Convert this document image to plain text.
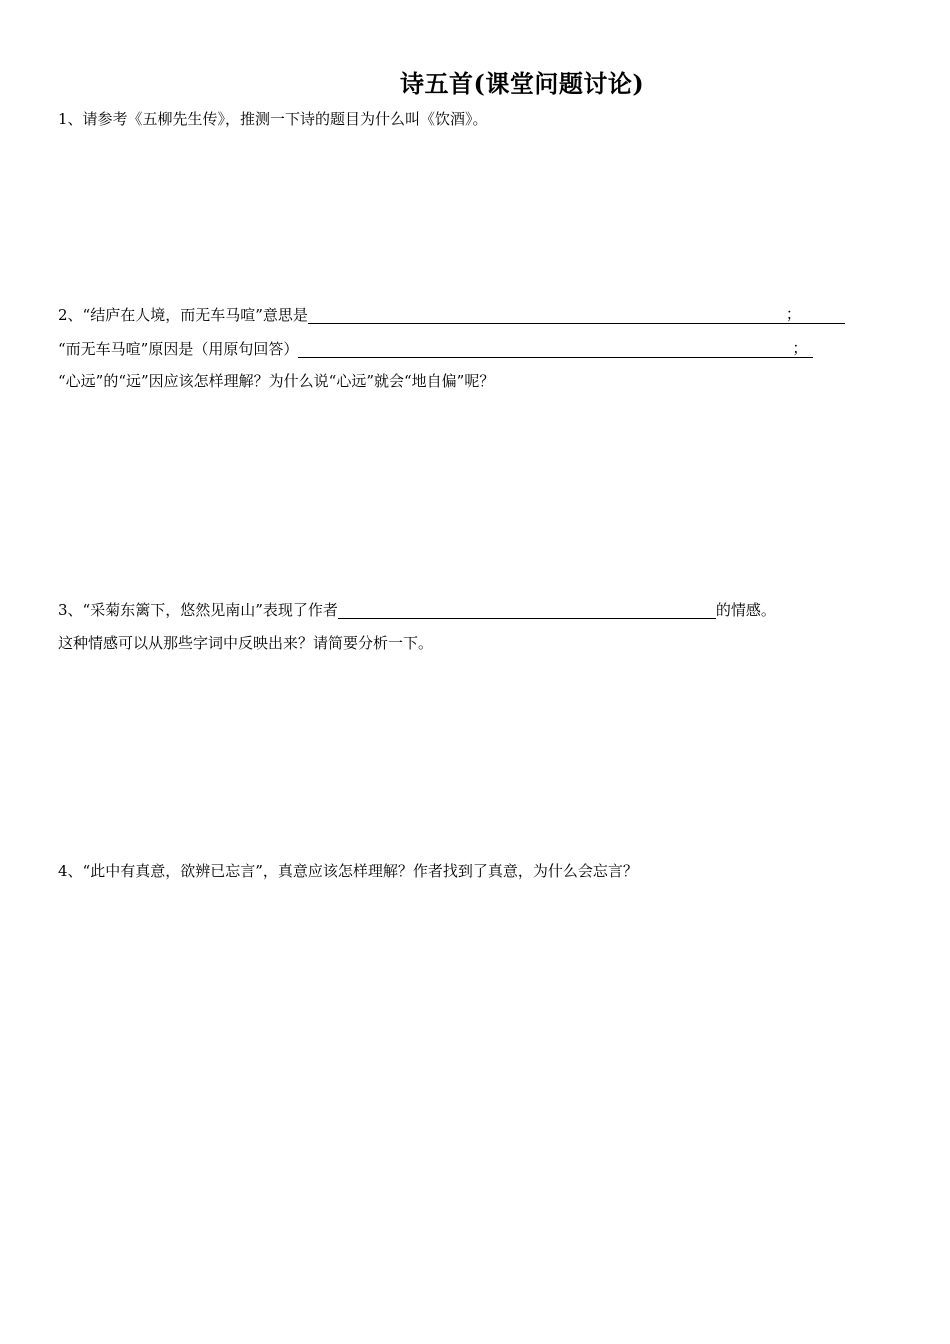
诗五首(课堂问题讨论)
1、请参考《五柳先生传》，推测一下诗的题目为什么叫《饮酒》。
2、“结庐在人境，而无车马喧”意思是	；
“而无车马喧”原因是（用原句回答）	；
“心远”的“远”因应该怎样理解？为什么说“心远”就会“地自偏”呢？
3、“采菊东篱下，悠然见南山”表现了作者	的情感。
这种情感可以从那些字词中反映出来？请简要分析一下。
4、“此中有真意，欲辨已忘言”，真意应该怎样理解？作者找到了真意，为什么会忘言？
